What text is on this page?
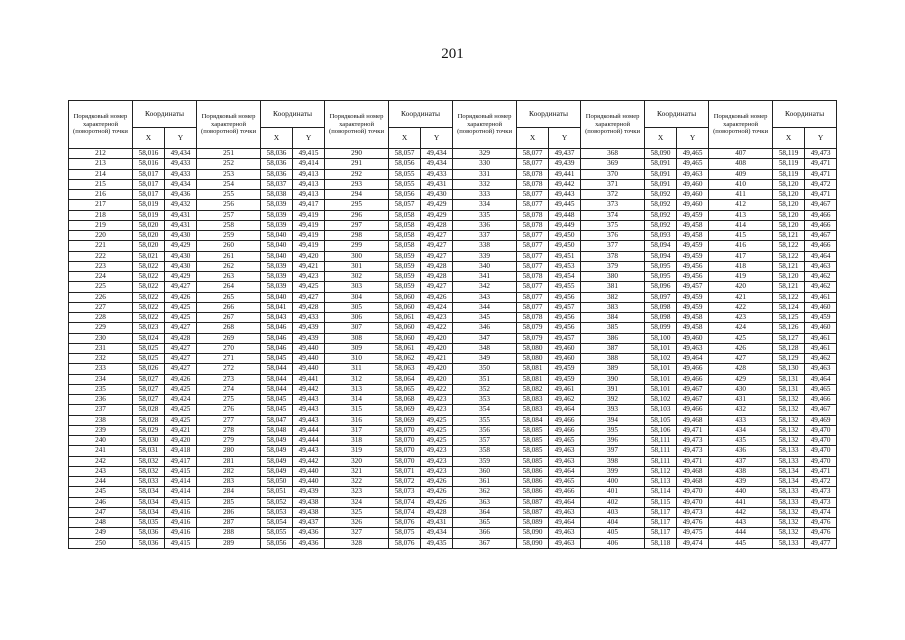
201
Порядковый номер характерной (поворотной) точки	Координаты		Порядковый номер характерной (поворотной) точки	Координаты		Порядковый номер характерной (поворотной) точки	Координаты		Порядковый номер характерной (поворотной) точки	Координаты		Порядковый номер характерной (поворотной) точки	Координаты		Порядковый номер характерной (поворотной) точки	Координаты	
	X	Y		X	Y		X	Y		X	Y		X	Y		X	Y
212	58,016	49,434	251	58,036	49,415	290	58,057	49,434	329	58,077	49,437	368	58,090	49,465	407	58,119	49,473
213	58,016	49,433	252	58,036	49,414	291	58,056	49,434	330	58,077	49,439	369	58,091	49,465	408	58,119	49,471
214	58,017	49,433	253	58,036	49,413	292	58,055	49,433	331	58,078	49,441	370	58,091	49,463	409	58,119	49,471
215	58,017	49,434	254	58,037	49,413	293	58,055	49,431	332	58,078	49,442	371	58,091	49,460	410	58,120	49,472
216	58,017	49,436	255	58,038	49,413	294	58,056	49,430	333	58,077	49,443	372	58,092	49,460	411	58,120	49,471
217	58,019	49,432	256	58,039	49,417	295	58,057	49,429	334	58,077	49,445	373	58,092	49,460	412	58,120	49,467
218	58,019	49,431	257	58,039	49,419	296	58,058	49,429	335	58,078	49,448	374	58,092	49,459	413	58,120	49,466
219	58,020	49,431	258	58,039	49,419	297	58,058	49,428	336	58,078	49,449	375	58,092	49,458	414	58,120	49,466
220	58,020	49,430	259	58,040	49,419	298	58,058	49,427	337	58,077	49,450	376	58,093	49,458	415	58,121	49,467
221	58,020	49,429	260	58,040	49,419	299	58,058	49,427	338	58,077	49,450	377	58,094	49,459	416	58,122	49,466
222	58,021	49,430	261	58,040	49,420	300	58,059	49,427	339	58,077	49,451	378	58,094	49,459	417	58,122	49,464
223	58,022	49,430	262	58,039	49,421	301	58,059	49,428	340	58,077	49,453	379	58,095	49,456	418	58,121	49,463
224	58,022	49,429	263	58,039	49,423	302	58,059	49,428	341	58,078	49,454	380	58,095	49,456	419	58,120	49,462
225	58,022	49,427	264	58,039	49,425	303	58,059	49,427	342	58,077	49,455	381	58,096	49,457	420	58,121	49,462
226	58,022	49,426	265	58,040	49,427	304	58,060	49,426	343	58,077	49,456	382	58,097	49,459	421	58,122	49,461
227	58,022	49,425	266	58,041	49,428	305	58,060	49,424	344	58,077	49,457	383	58,098	49,459	422	58,124	49,460
228	58,022	49,425	267	58,043	49,433	306	58,061	49,423	345	58,078	49,456	384	58,098	49,458	423	58,125	49,459
229	58,023	49,427	268	58,046	49,439	307	58,060	49,422	346	58,079	49,456	385	58,099	49,458	424	58,126	49,460
230	58,024	49,428	269	58,046	49,439	308	58,060	49,420	347	58,079	49,457	386	58,100	49,460	425	58,127	49,461
231	58,025	49,427	270	58,046	49,440	309	58,061	49,420	348	58,080	49,460	387	58,101	49,463	426	58,128	49,461
232	58,025	49,427	271	58,045	49,440	310	58,062	49,421	349	58,080	49,460	388	58,102	49,464	427	58,129	49,462
233	58,026	49,427	272	58,044	49,440	311	58,063	49,420	350	58,081	49,459	389	58,101	49,466	428	58,130	49,463
234	58,027	49,426	273	58,044	49,441	312	58,064	49,420	351	58,081	49,459	390	58,101	49,466	429	58,131	49,464
235	58,027	49,425	274	58,044	49,442	313	58,065	49,422	352	58,082	49,461	391	58,101	49,467	430	58,131	49,465
236	58,027	49,424	275	58,045	49,443	314	58,068	49,423	353	58,083	49,462	392	58,102	49,467	431	58,132	49,466
237	58,028	49,425	276	58,045	49,443	315	58,069	49,423	354	58,083	49,464	393	58,103	49,466	432	58,132	49,467
238	58,028	49,425	277	58,047	49,443	316	58,069	49,425	355	58,084	49,466	394	58,105	49,468	433	58,132	49,469
239	58,029	49,421	278	58,048	49,444	317	58,070	49,425	356	58,085	49,466	395	58,106	49,471	434	58,132	49,470
240	58,030	49,420	279	58,049	49,444	318	58,070	49,425	357	58,085	49,465	396	58,111	49,473	435	58,132	49,470
241	58,031	49,418	280	58,049	49,443	319	58,070	49,423	358	58,085	49,463	397	58,111	49,473	436	58,133	49,470
242	58,032	49,417	281	58,049	49,442	320	58,070	49,423	359	58,085	49,463	398	58,111	49,471	437	58,133	49,470
243	58,032	49,415	282	58,049	49,440	321	58,071	49,423	360	58,086	49,464	399	58,112	49,468	438	58,134	49,471
244	58,033	49,414	283	58,050	49,440	322	58,072	49,426	361	58,086	49,465	400	58,113	49,468	439	58,134	49,472
245	58,034	49,414	284	58,051	49,439	323	58,073	49,426	362	58,086	49,466	401	58,114	49,470	440	58,133	49,473
246	58,034	49,415	285	58,052	49,438	324	58,074	49,426	363	58,087	49,464	402	58,115	49,470	441	58,133	49,473
247	58,034	49,416	286	58,053	49,438	325	58,074	49,428	364	58,087	49,463	403	58,117	49,473	442	58,132	49,474
248	58,035	49,416	287	58,054	49,437	326	58,076	49,431	365	58,089	49,464	404	58,117	49,476	443	58,132	49,476
249	58,036	49,416	288	58,055	49,436	327	58,075	49,434	366	58,090	49,463	405	58,117	49,475	444	58,132	49,476
250	58,036	49,415	289	58,056	49,436	328	58,076	49,435	367	58,090	49,463	406	58,118	49,474	445	58,133	49,477
